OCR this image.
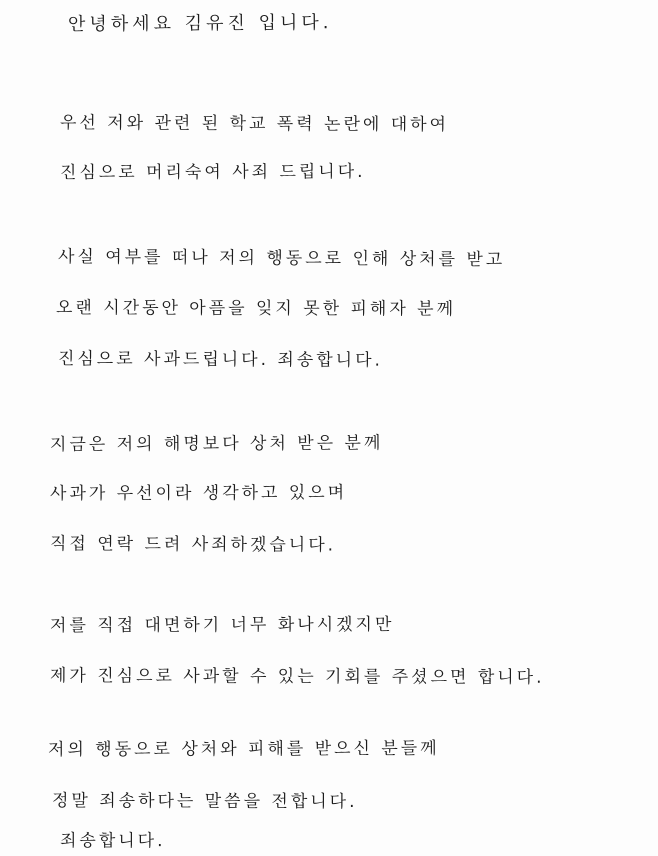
안녕하세요 김유진 입니다.
우선 저와 관련 된 학교 폭력 논란에 대하여
진심으로 머리숙여 사죄 드립니다.
사실 여부를 떠나 저의 행동으로 인해 상처를 받고
오랜 시간동안 아픔을 잊지 못한 피해자 분께
진심으로 사과드립니다. 죄송합니다.
지금은 저의 해명보다 상처 받은 분께
사과가 우선이라 생각하고 있으며
직접 연락 드려 사죄하겠습니다.
저를 직접 대면하기 너무 화나시겠지만
제가 진심으로 사과할 수 있는 기회를 주셨으면 합니다.
저의 행동으로 상처와 피해를 받으신 분들께
정말 죄송하다는 말씀을 전합니다.
죄송합니다.
